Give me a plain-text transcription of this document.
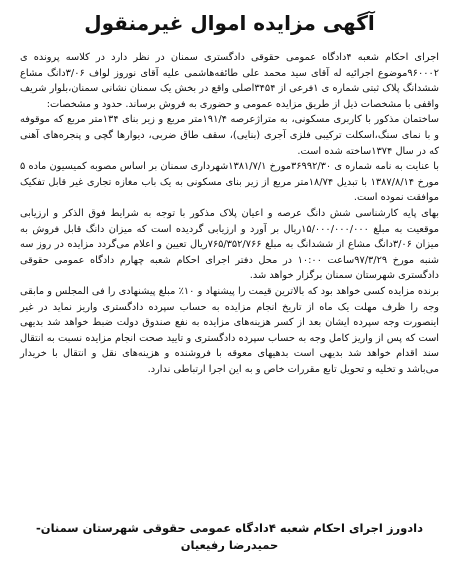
آگهی مزایده اموال غیرمنقول

اجرای احکام شعبه ۴دادگاه عمومی حقوقی دادگستری سمنان در نظر دارد در کلاسه پرونده ی ۹۶۰۰۰۲موضوع اجرائیه له آقای سید محمد علی طائفه‌هاشمی علیه آقای نوروز لواف ۳/۰۶دانگ مشاع ششدانگ پلاک ثبتی شماره ی ۱فرعی از ۳۴۵۴اصلی واقع در بخش یک سمنان نشانی سمنان،بلوار شریف واقفی با مشخصات ذیل از طریق مزایده عمومی و حضوری به فروش برساند. حدود و مشخصات:

ساختمان مذکور با کاربری مسکونی، به متراژعرصه ۱۹۱/۴متر مربع و زیر بنای ۱۳۴متر مربع که موقوفه و با نمای سنگ،اسکلت ترکیبی فلزی آجری (بنایی)، سقف طاق ضربی، دیوارها گچی و پنجره‌های آهنی که در سال ۱۳۷۴ساخته شده است.

با عنایت به نامه شماره ی ۳۶۹۹۲/۳۰مورخ ۱۳۸۱/۷/۱شهرداری سمنان بر اساس مصوبه کمیسیون ماده ۵ مورخ ۱۳۸۷/۸/۱۴ با تبدیل ۱۸/۷۴متر مربع از زیر بنای مسکونی به یک باب مغازه تجاری غیر قابل تفکیک موافقت نموده است.

بهای پایه کارشناسی شش دانگ عرصه و اعیان پلاک مذکور با توجه به شرایط فوق الذکر و ارزیابی موقعیت به مبلغ ۱۵/۰۰۰/۰۰۰/۰۰۰ریال بر آورد و ارزیابی گردیده است که میزان دانگ قابل فروش به میزان ۳/۰۶دانگ مشاع از ششدانگ به مبلغ ۷۶۵/۳۵۲/۷۶۶ریال تعیین و اعلام می‌گردد مزایده در روز سه شنبه مورخ ۹۷/۳/۲۹ساعت ۱۰:۰۰ در محل دفتر اجرای احکام شعبه چهارم دادگاه عمومی حقوقی دادگستری شهرستان سمنان برگزار خواهد شد.

برنده مزایده کسی خواهد بود که بالاترین قیمت را پیشنهاد و ۱۰٪ مبلغ پیشنهادی را فی المجلس و مابقی وجه را ظرف مهلت یک ماه از تاریخ انجام مزایده به حساب سپرده دادگستری واریز نماید در غیر اینصورت وجه سپرده ایشان بعد از کسر هزینه‌های مزایده به نفع صندوق دولت ضبط خواهد شد بدیهی است که پس از واریز کامل وجه به حساب سپرده دادگستری و تایید صحت انجام مزایده نسبت به انتقال سند اقدام خواهد شد بدیهی است بدهیهای معوقه با فروشنده و هزینه‌های نقل و انتقال با خریدار می‌باشد و تخلیه و تحویل تابع مقررات خاص و به این اجرا ارتباطی ندارد.

دادورز اجرای احکام شعبه ۴دادگاه عمومی حقوقی شهرستان سمنان-
حمیدرضا رفیعیان
